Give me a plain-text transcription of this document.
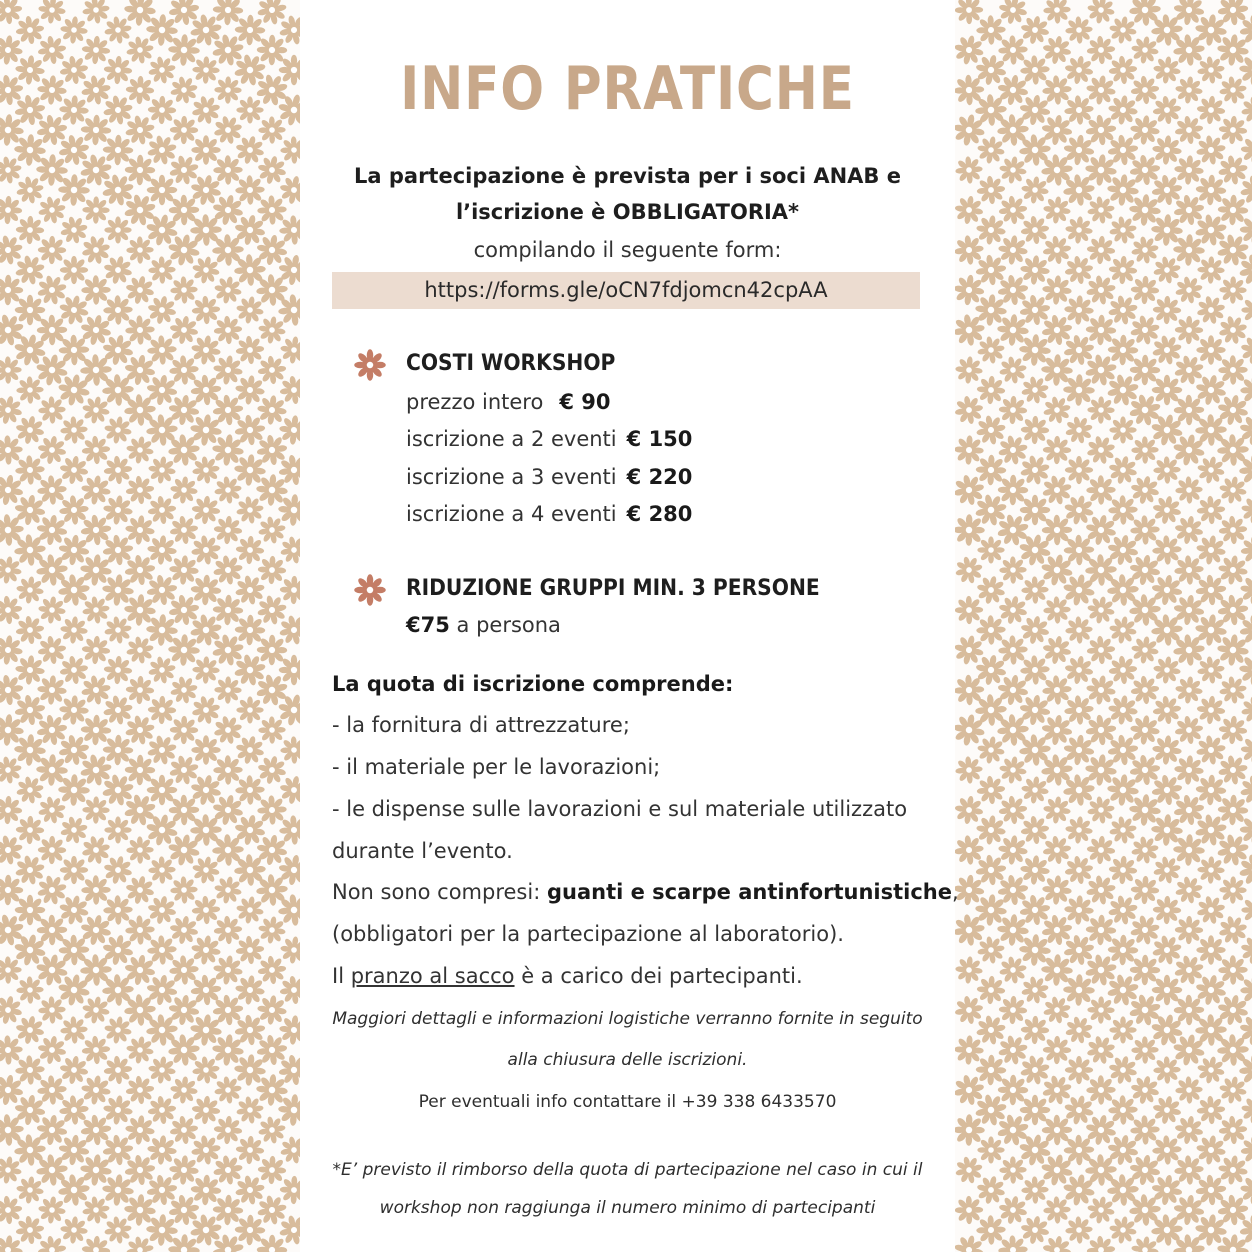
INFO PRATICHE
La partecipazione è prevista per i soci ANAB e
l’iscrizione è OBBLIGATORIA*
compilando il seguente form:
https://forms.gle/oCN7fdjomcn42cpAA
COSTI WORKSHOP
prezzo intero € 90
iscrizione a 2 eventi € 150
iscrizione a 3 eventi € 220
iscrizione a 4 eventi € 280
RIDUZIONE GRUPPI MIN. 3 PERSONE
€75 a persona
La quota di iscrizione comprende:
- la fornitura di attrezzature;
- il materiale per le lavorazioni;
- le dispense sulle lavorazioni e sul materiale utilizzato
durante l’evento.
Non sono compresi: guanti e scarpe antinfortunistiche,
(obbligatori per la partecipazione al laboratorio).
Il pranzo al sacco è a carico dei partecipanti.
Maggiori dettagli e informazioni logistiche verranno fornite in seguito
alla chiusura delle iscrizioni.
Per eventuali info contattare il +39 338 6433570
*E’ previsto il rimborso della quota di partecipazione nel caso in cui il
workshop non raggiunga il numero minimo di partecipanti
